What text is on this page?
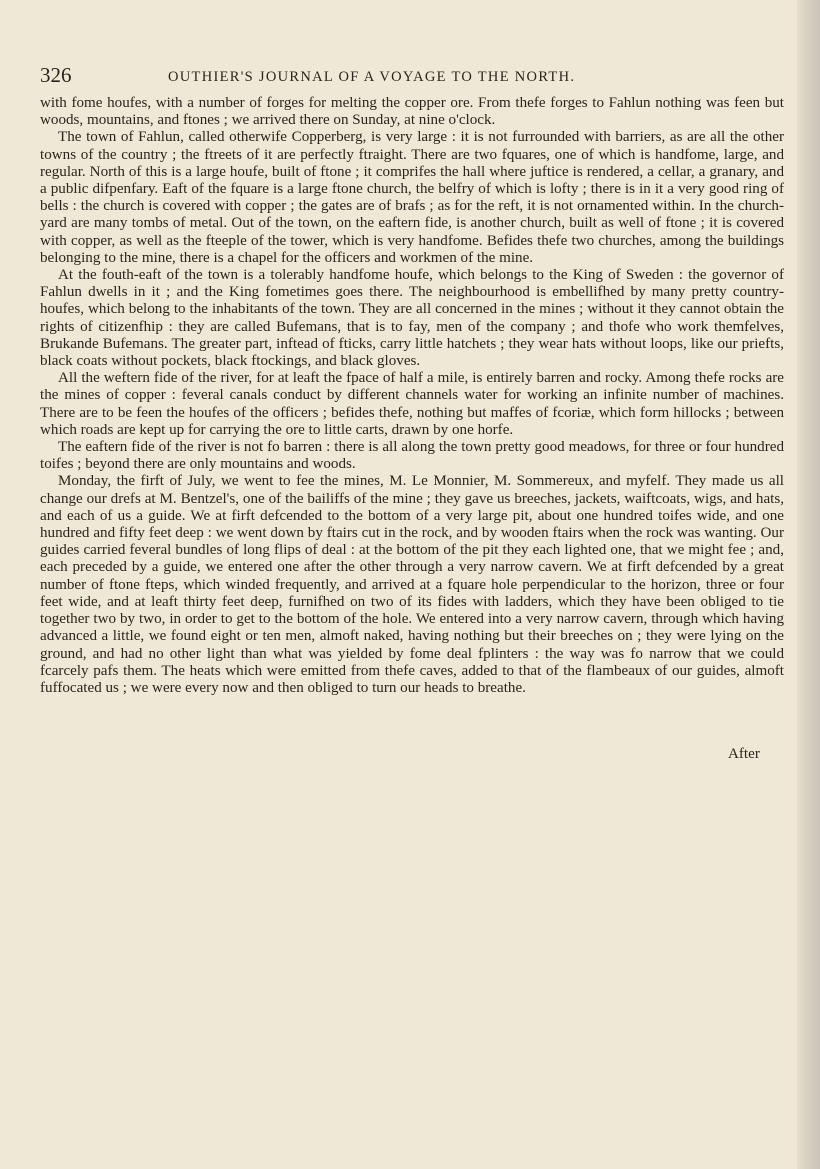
326	OUTHIER'S JOURNAL OF A VOYAGE TO THE NORTH.

with fome houfes, with a number of forges for melting the copper ore. From thefe forges to Fahlun nothing was feen but woods, mountains, and ftones ; we arrived there on Sunday, at nine o'clock.

The town of Fahlun, called otherwife Copperberg, is very large : it is not furrounded with barriers, as are all the other towns of the country ; the ftreets of it are perfectly ftraight. There are two fquares, one of which is handfome, large, and regular. North of this is a large houfe, built of ftone ; it comprifes the hall where juftice is rendered, a cellar, a granary, and a public difpenfary. Eaft of the fquare is a large ftone church, the belfry of which is lofty ; there is in it a very good ring of bells : the church is covered with copper ; the gates are of brafs ; as for the reft, it is not ornamented within. In the church-yard are many tombs of metal. Out of the town, on the eaftern fide, is another church, built as well of ftone ; it is covered with copper, as well as the fteeple of the tower, which is very handfome. Befides thefe two churches, among the buildings belonging to the mine, there is a chapel for the officers and workmen of the mine.

At the fouth-eaft of the town is a tolerably handfome houfe, which belongs to the King of Sweden : the governor of Fahlun dwells in it ; and the King fometimes goes there. The neighbourhood is embellifhed by many pretty country-houfes, which belong to the inhabitants of the town. They are all concerned in the mines ; without it they cannot obtain the rights of citizenfhip : they are called Bufemans, that is to fay, men of the company ; and thofe who work themfelves, Brukande Bufemans. The greater part, inftead of fticks, carry little hatchets ; they wear hats without loops, like our priefts, black coats without pockets, black ftockings, and black gloves.

All the weftern fide of the river, for at leaft the fpace of half a mile, is entirely barren and rocky. Among thefe rocks are the mines of copper : feveral canals conduct by different channels water for working an infinite number of machines. There are to be feen the houfes of the officers ; befides thefe, nothing but maffes of fcoriæ, which form hillocks ; between which roads are kept up for carrying the ore to little carts, drawn by one horfe.

The eaftern fide of the river is not fo barren : there is all along the town pretty good meadows, for three or four hundred toifes ; beyond there are only mountains and woods.

Monday, the firft of July, we went to fee the mines, M. Le Monnier, M. Sommereux, and myfelf. They made us all change our drefs at M. Bentzel's, one of the bailiffs of the mine ; they gave us breeches, jackets, waiftcoats, wigs, and hats, and each of us a guide. We at firft defcended to the bottom of a very large pit, about one hundred toifes wide, and one hundred and fifty feet deep : we went down by ftairs cut in the rock, and by wooden ftairs when the rock was wanting. Our guides carried feveral bundles of long flips of deal : at the bottom of the pit they each lighted one, that we might fee ; and, each preceded by a guide, we entered one after the other through a very narrow cavern. We at firft defcended by a great number of ftone fteps, which winded frequently, and arrived at a fquare hole perpendicular to the horizon, three or four feet wide, and at leaft thirty feet deep, furnifhed on two of its fides with ladders, which they have been obliged to tie together two by two, in order to get to the bottom of the hole. We entered into a very narrow cavern, through which having advanced a little, we found eight or ten men, almoft naked, having nothing but their breeches on ; they were lying on the ground, and had no other light than what was yielded by fome deal fplinters : the way was fo narrow that we could fcarcely pafs them. The heats which were emitted from thefe caves, added to that of the flambeaux of our guides, almoft fuffocated us ; we were every now and then obliged to turn our heads to breathe.

After
